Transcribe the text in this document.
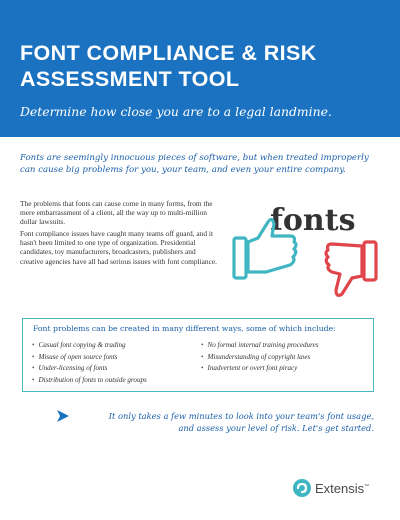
FONT COMPLIANCE & RISK ASSESSMENT TOOL
Determine how close you are to a legal landmine.
Fonts are seemingly innocuous pieces of software, but when treated improperly can cause big problems for you, your team, and even your entire company.
The problems that fonts can cause come in many forms, from the mere embarrassment of a client, all the way up to multi-million dollar lawsuits.
Font compliance issues have caught many teams off guard, and it hasn't been limited to one type of organization. Presidential candidates, toy manufacturers, broadcasters, publishers and creative agencies have all had serious issues with font compliance.
fonts
Font problems can be created in many different ways, some of which include:
• Casual font copying & trading
• Misuse of open source fonts
• Under-licensing of fonts
• Distribution of fonts to outside groups
• No formal internal training procedures
• Misunderstanding of copyright laws
• Inadvertent or overt font piracy
It only takes a few minutes to look into your team's font usage,
and assess your level of risk. Let's get started.
Extensis™
